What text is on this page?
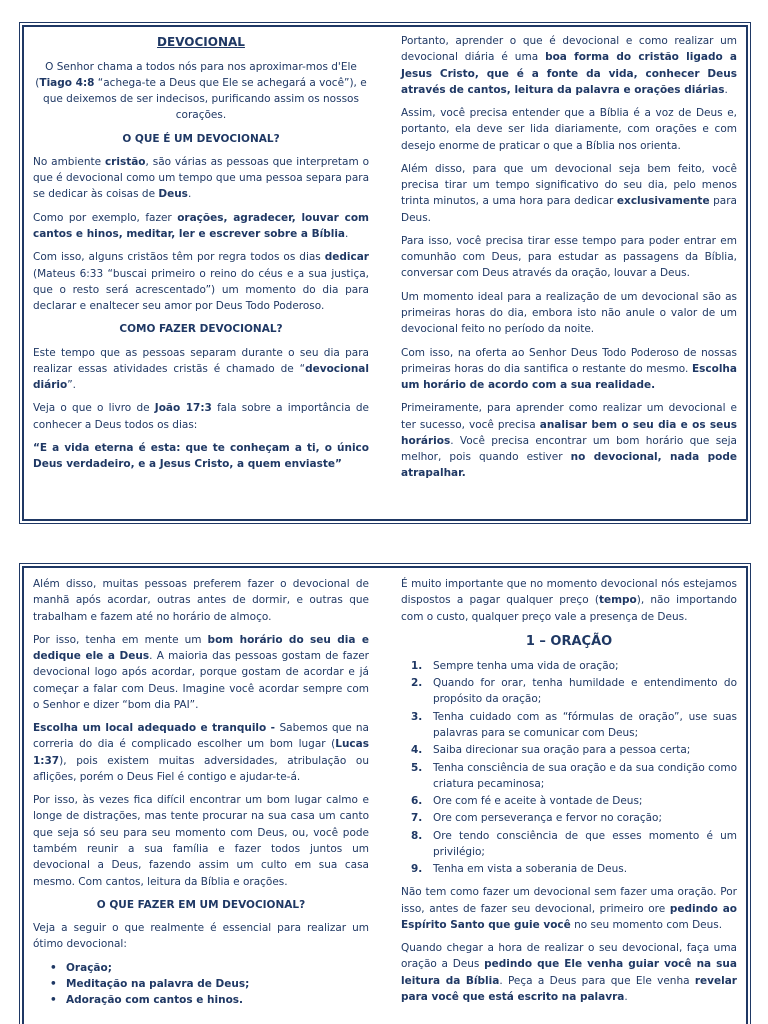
DEVOCIONAL

O Senhor chama a todos nós para nos aproximar-mos d'Ele (Tiago 4:8 “achega-te a Deus que Ele se achegará a você”), e que deixemos de ser indecisos, purificando assim os nossos corações.

O QUE É UM DEVOCIONAL?

No ambiente cristão, são várias as pessoas que interpretam o que é devocional como um tempo que uma pessoa separa para se dedicar às coisas de Deus.

Como por exemplo, fazer orações, agradecer, louvar com cantos e hinos, meditar, ler e escrever sobre a Bíblia.

Com isso, alguns cristãos têm por regra todos os dias dedicar (Mateus 6:33 “buscai primeiro o reino do céus e a sua justiça, que o resto será acrescentado”) um momento do dia para declarar e enaltecer seu amor por Deus Todo Poderoso.

COMO FAZER DEVOCIONAL?

Este tempo que as pessoas separam durante o seu dia para realizar essas atividades cristãs é chamado de “devocional diário”.

Veja o que o livro de João 17:3 fala sobre a importância de conhecer a Deus todos os dias:

“E a vida eterna é esta: que te conheçam a ti, o único Deus verdadeiro, e a Jesus Cristo, a quem enviaste”

Portanto, aprender o que é devocional e como realizar um devocional diária é uma boa forma do cristão ligado a Jesus Cristo, que é a fonte da vida, conhecer Deus através de cantos, leitura da palavra e orações diárias.

Assim, você precisa entender que a Bíblia é a voz de Deus e, portanto, ela deve ser lida diariamente, com orações e com desejo enorme de praticar o que a Bíblia nos orienta.

Além disso, para que um devocional seja bem feito, você precisa tirar um tempo significativo do seu dia, pelo menos trinta minutos, a uma hora para dedicar exclusivamente para Deus.

Para isso, você precisa tirar esse tempo para poder entrar em comunhão com Deus, para estudar as passagens da Bíblia, conversar com Deus através da oração, louvar a Deus.

Um momento ideal para a realização de um devocional são as primeiras horas do dia, embora isto não anule o valor de um devocional feito no período da noite.

Com isso, na oferta ao Senhor Deus Todo Poderoso de nossas primeiras horas do dia santifica o restante do mesmo. Escolha um horário de acordo com a sua realidade.

Primeiramente, para aprender como realizar um devocional e ter sucesso, você precisa analisar bem o seu dia e os seus horários. Você precisa encontrar um bom horário que seja melhor, pois quando estiver no devocional, nada pode atrapalhar.

Além disso, muitas pessoas preferem fazer o devocional de manhã após acordar, outras antes de dormir, e outras que trabalham e fazem até no horário de almoço.

Por isso, tenha em mente um bom horário do seu dia e dedique ele a Deus. A maioria das pessoas gostam de fazer devocional logo após acordar, porque gostam de acordar e já começar a falar com Deus. Imagine você acordar sempre com o Senhor e dizer “bom dia PAI”.

Escolha um local adequado e tranquilo - Sabemos que na correria do dia é complicado escolher um bom lugar (Lucas 1:37), pois existem muitas adversidades, atribulação ou aflições, porém o Deus Fiel é contigo e ajudar-te-á.

Por isso, às vezes fica difícil encontrar um bom lugar calmo e longe de distrações, mas tente procurar na sua casa um canto que seja só seu para seu momento com Deus, ou, você pode também reunir a sua família e fazer todos juntos um devocional a Deus, fazendo assim um culto em sua casa mesmo. Com cantos, leitura da Bíblia e orações.

O QUE FAZER EM UM DEVOCIONAL?

Veja a seguir o que realmente é essencial para realizar um ótimo devocional:

• Oração;
• Meditação na palavra de Deus;
• Adoração com cantos e hinos.

É muito importante que no momento devocional nós estejamos dispostos a pagar qualquer preço (tempo), não importando com o custo, qualquer preço vale a presença de Deus.

1 – ORAÇÃO
1. Sempre tenha uma vida de oração;
2. Quando for orar, tenha humildade e entendimento do propósito da oração;
3. Tenha cuidado com as “fórmulas de oração”, use suas palavras para se comunicar com Deus;
4. Saiba direcionar sua oração para a pessoa certa;
5. Tenha consciência de sua oração e da sua condição como criatura pecaminosa;
6. Ore com fé e aceite à vontade de Deus;
7. Ore com perseverança e fervor no coração;
8. Ore tendo consciência de que esses momento é um privilégio;
9. Tenha em vista a soberania de Deus.

Não tem como fazer um devocional sem fazer uma oração. Por isso, antes de fazer seu devocional, primeiro ore pedindo ao Espírito Santo que guie você no seu momento com Deus.

Quando chegar a hora de realizar o seu devocional, faça uma oração a Deus pedindo que Ele venha guiar você na sua leitura da Bíblia. Peça a Deus para que Ele venha revelar para você que está escrito na palavra.
